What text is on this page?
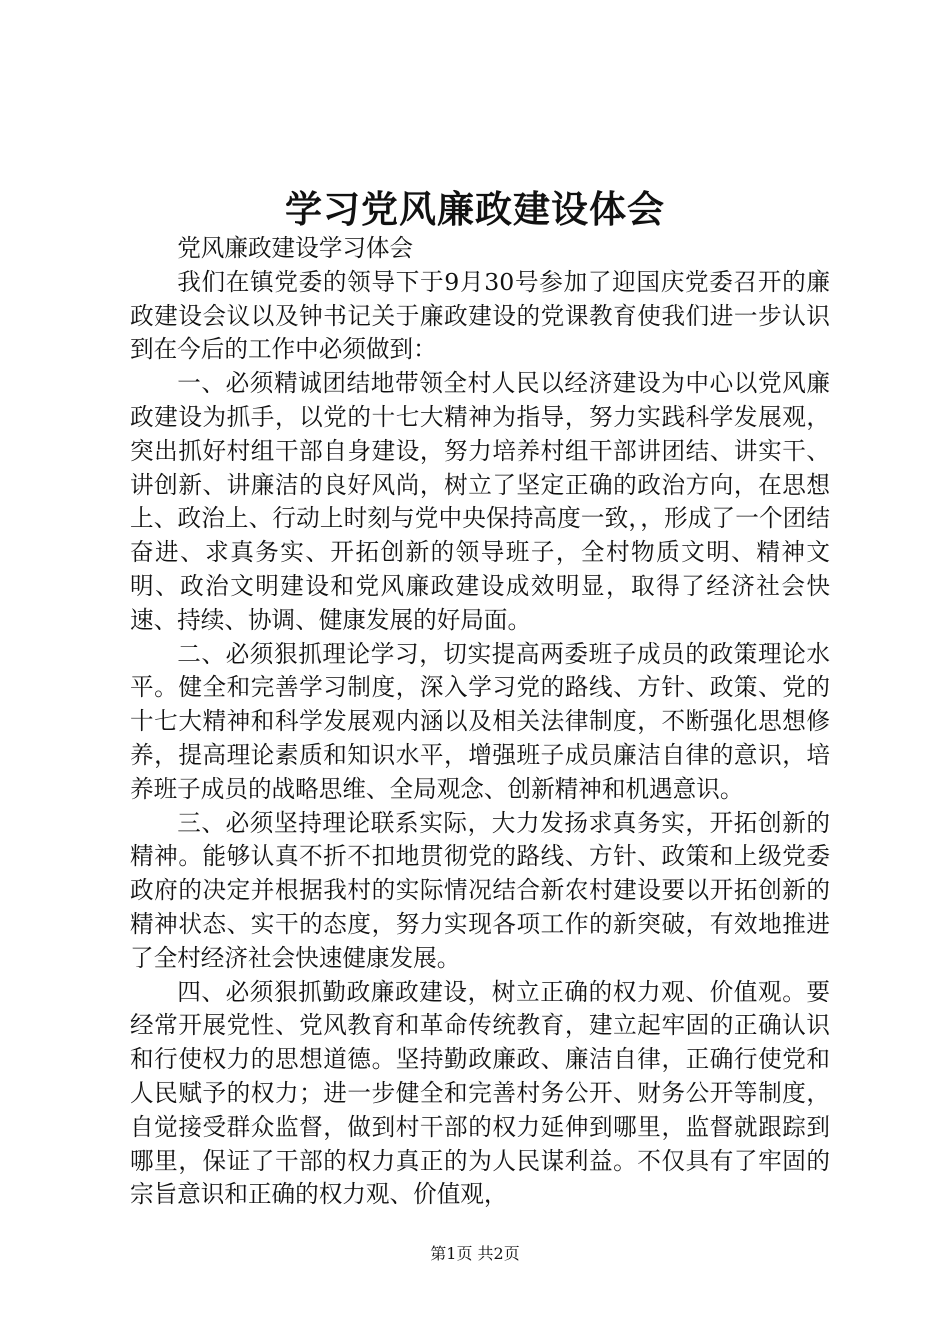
学习党风廉政建设体会

党风廉政建设学习体会

我们在镇党委的领导下于9月30号参加了迎国庆党委召开的廉政建设会议以及钟书记关于廉政建设的党课教育使我们进一步认识到在今后的工作中必须做到：

一、必须精诚团结地带领全村人民以经济建设为中心以党风廉政建设为抓手，以党的十七大精神为指导，努力实践科学发展观，突出抓好村组干部自身建设，努力培养村组干部讲团结、讲实干、讲创新、讲廉洁的良好风尚，树立了坚定正确的政治方向，在思想上、政治上、行动上时刻与党中央保持高度一致，，形成了一个团结奋进、求真务实、开拓创新的领导班子，全村物质文明、精神文明、政治文明建设和党风廉政建设成效明显，取得了经济社会快速、持续、协调、健康发展的好局面。

二、必须狠抓理论学习，切实提高两委班子成员的政策理论水平。健全和完善学习制度，深入学习党的路线、方针、政策、党的十七大精神和科学发展观内涵以及相关法律制度，不断强化思想修养，提高理论素质和知识水平，增强班子成员廉洁自律的意识，培养班子成员的战略思维、全局观念、创新精神和机遇意识。

三、必须坚持理论联系实际，大力发扬求真务实，开拓创新的精神。能够认真不折不扣地贯彻党的路线、方针、政策和上级党委政府的决定并根据我村的实际情况结合新农村建设要以开拓创新的精神状态、实干的态度，努力实现各项工作的新突破，有效地推进了全村经济社会快速健康发展。

四、必须狠抓勤政廉政建设，树立正确的权力观、价值观。要经常开展党性、党风教育和革命传统教育，建立起牢固的正确认识和行使权力的思想道德。坚持勤政廉政、廉洁自律，正确行使党和人民赋予的权力；进一步健全和完善村务公开、财务公开等制度，自觉接受群众监督，做到村干部的权力延伸到哪里，监督就跟踪到哪里，保证了干部的权力真正的为人民谋利益。不仅具有了牢固的宗旨意识和正确的权力观、价值观，

第1页 共2页
